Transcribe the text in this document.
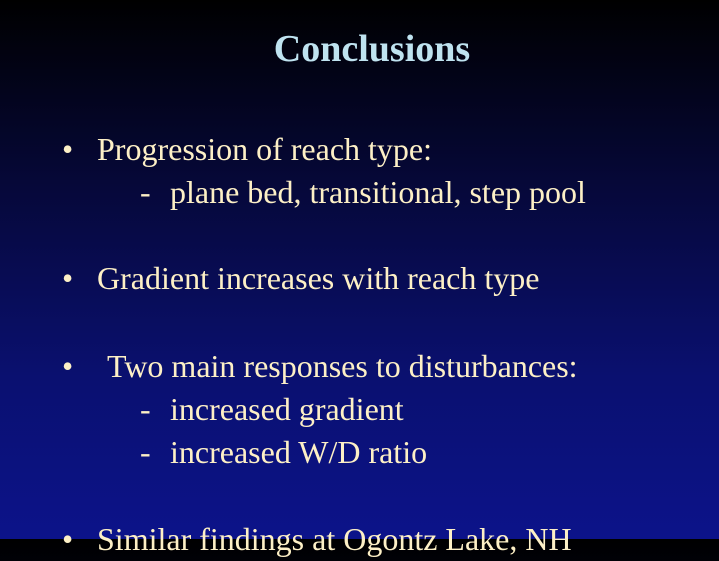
Conclusions
• Progression of reach type:
- plane bed, transitional, step pool
• Gradient increases with reach type
• Two main responses to disturbances:
- increased gradient
- increased W/D ratio
• Similar findings at Ogontz Lake, NH
